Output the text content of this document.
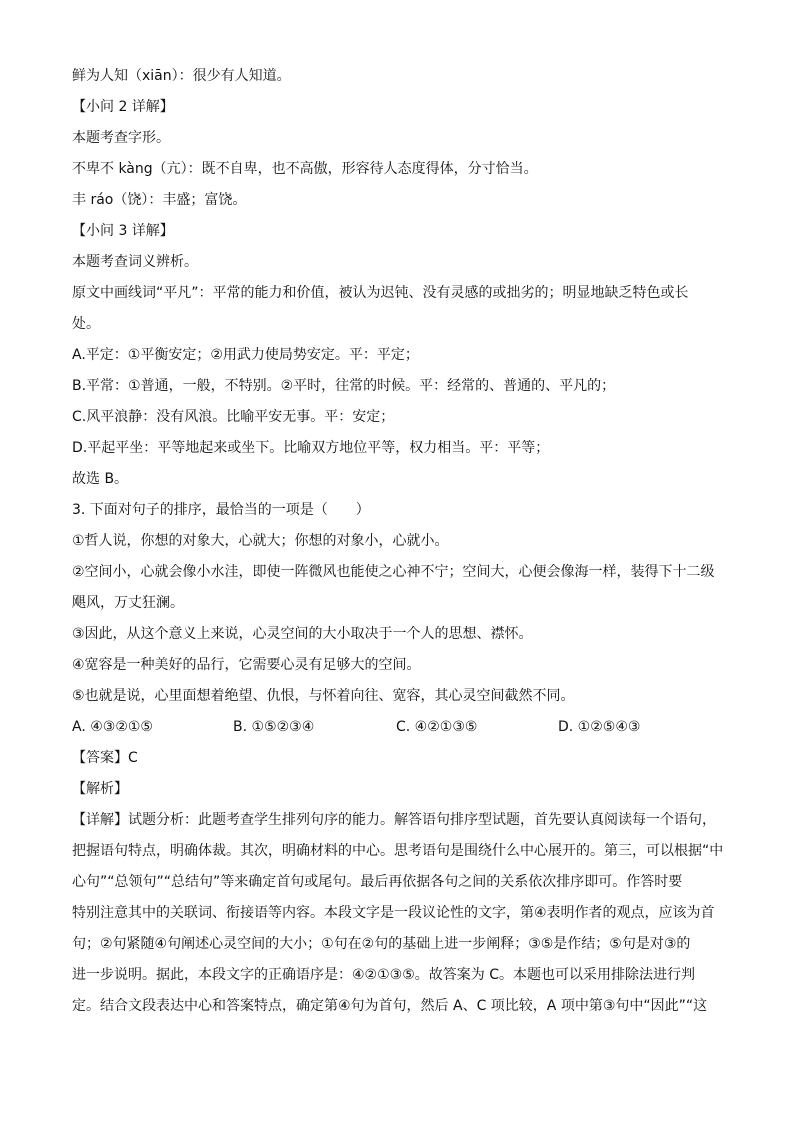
鲜为人知（xiān）：很少有人知道。
【小问 2 详解】
本题考查字形。
不卑不 kàng（亢）：既不自卑，也不高傲，形容待人态度得体，分寸恰当。
丰 ráo（饶）：丰盛；富饶。
【小问 3 详解】
本题考查词义辨析。
原文中画线词“平凡”：平常的能力和价值，被认为迟钝、没有灵感的或拙劣的；明显地缺乏特色或长
处。
A.平定：①平衡安定；②用武力使局势安定。平：平定；
B.平常：①普通，一般，不特别。②平时，往常的时候。平：经常的、普通的、平凡的；
C.风平浪静：没有风浪。比喻平安无事。平：安定；
D.平起平坐：平等地起来或坐下。比喻双方地位平等，权力相当。平：平等；
故选 B。
3. 下面对句子的排序，最恰当的一项是（　　）
①哲人说，你想的对象大，心就大；你想的对象小，心就小。
②空间小，心就会像小水洼，即使一阵微风也能使之心神不宁；空间大，心便会像海一样，装得下十二级
飓风，万丈狂澜。
③因此，从这个意义上来说，心灵空间的大小取决于一个人的思想、襟怀。
④宽容是一种美好的品行，它需要心灵有足够大的空间。
⑤也就是说，心里面想着绝望、仇恨，与怀着向往、宽容，其心灵空间截然不同。
A. ④③②①⑤	B. ①⑤②③④	C. ④②①③⑤	D. ①②⑤④③
【答案】C
【解析】
【详解】试题分析：此题考查学生排列句序的能力。解答语句排序型试题，首先要认真阅读每一个语句，
把握语句特点，明确体裁。其次，明确材料的中心。思考语句是围绕什么中心展开的。第三，可以根据“中
心句”“总领句”“总结句”等来确定首句或尾句。最后再依据各句之间的关系依次排序即可。作答时要
特别注意其中的关联词、衔接语等内容。本段文字是一段议论性的文字，第④表明作者的观点，应该为首
句；②句紧随④句阐述心灵空间的大小；①句在②句的基础上进一步阐释；③⑤是作结；⑤句是对③的
进一步说明。据此，本段文字的正确语序是：④②①③⑤。故答案为 C。本题也可以采用排除法进行判
定。结合文段表达中心和答案特点，确定第④句为首句，然后 A、C 项比较，A 项中第③句中“因此”“这
